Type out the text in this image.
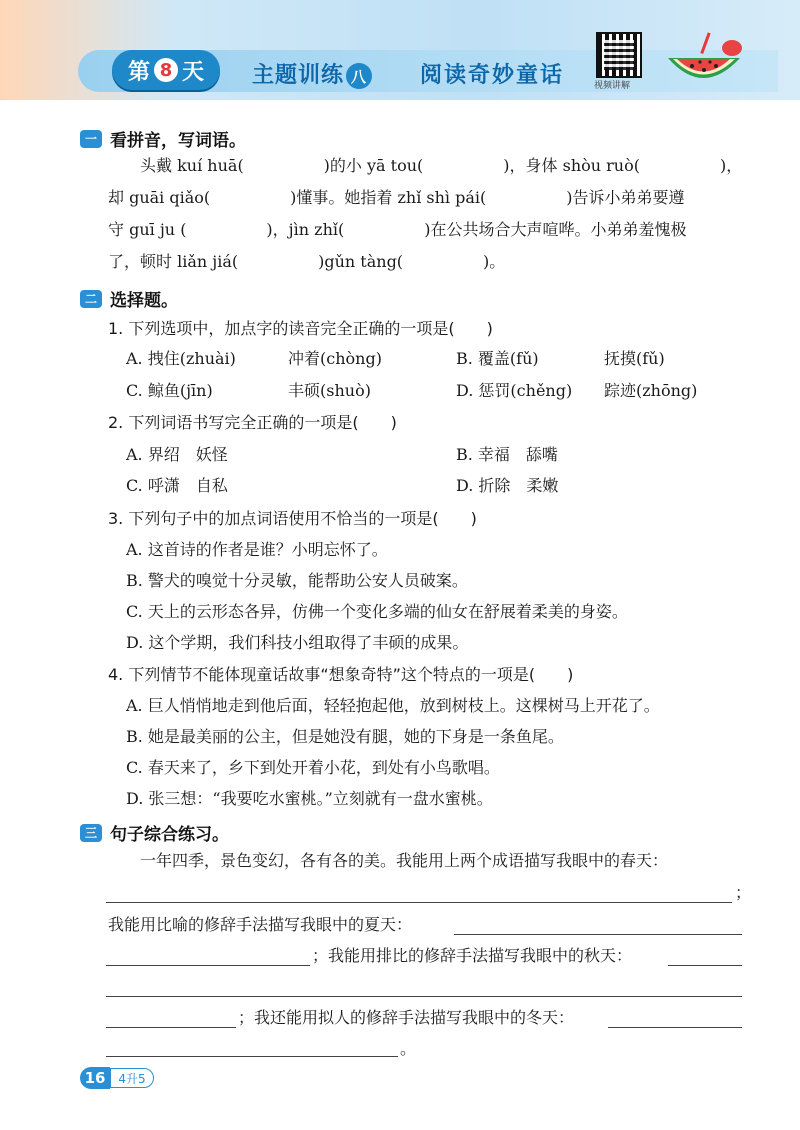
第 8 天 主题训练 八 阅读奇妙童话	视频讲解
一 看拼音，写词语。
头戴 kuí huā(　　　　　)的小 yā tou(　　　　　)，身体 shòu ruò(　　　　　)，
却 guāi qiǎo(　　　　　)懂事。她指着 zhǐ shì pái(　　　　　)告诉小弟弟要遵
守 guī ju (　　　　　)，jìn zhǐ(　　　　　)在公共场合大声喧哗。小弟弟羞愧极
了，顿时 liǎn jiá(　　　　　)gǔn tàng(　　　　　)。
二 选择题。
1. 下列选项中，加点字的读音完全正确的一项是(　　)
A. 拽住(zhuài)	冲着(chòng)	B. 覆盖(fǔ)	抚摸(fǔ)
C. 鲸鱼(jīn)	丰硕(shuò)	D. 惩罚(chěng) 踪迹(zhōng)
2. 下列词语书写完全正确的一项是(　　)
A. 界绍　妖怪	B. 幸福　舔嘴
C. 呼潇　自私	D. 折除　柔嫩
3. 下列句子中的加点词语使用不恰当的一项是(　　)
A. 这首诗的作者是谁？小明忘怀了。
B. 警犬的嗅觉十分灵敏，能帮助公安人员破案。
C. 天上的云形态各异，仿佛一个变化多端的仙女在舒展着柔美的身姿。
D. 这个学期，我们科技小组取得了丰硕的成果。
4. 下列情节不能体现童话故事“想象奇特”这个特点的一项是(　　)
A. 巨人悄悄地走到他后面，轻轻抱起他，放到树枝上。这棵树马上开花了。
B. 她是最美丽的公主，但是她没有腿，她的下身是一条鱼尾。
C. 春天来了，乡下到处开着小花，到处有小鸟歌唱。
D. 张三想：“我要吃水蜜桃。”立刻就有一盘水蜜桃。
三 句子综合练习。
一年四季，景色变幻，各有各的美。我能用上两个成语描写我眼中的春天：
；
我能用比喻的修辞手法描写我眼中的夏天：
；我能用排比的修辞手法描写我眼中的秋天：
；我还能用拟人的修辞手法描写我眼中的冬天：
。
16	4升5
